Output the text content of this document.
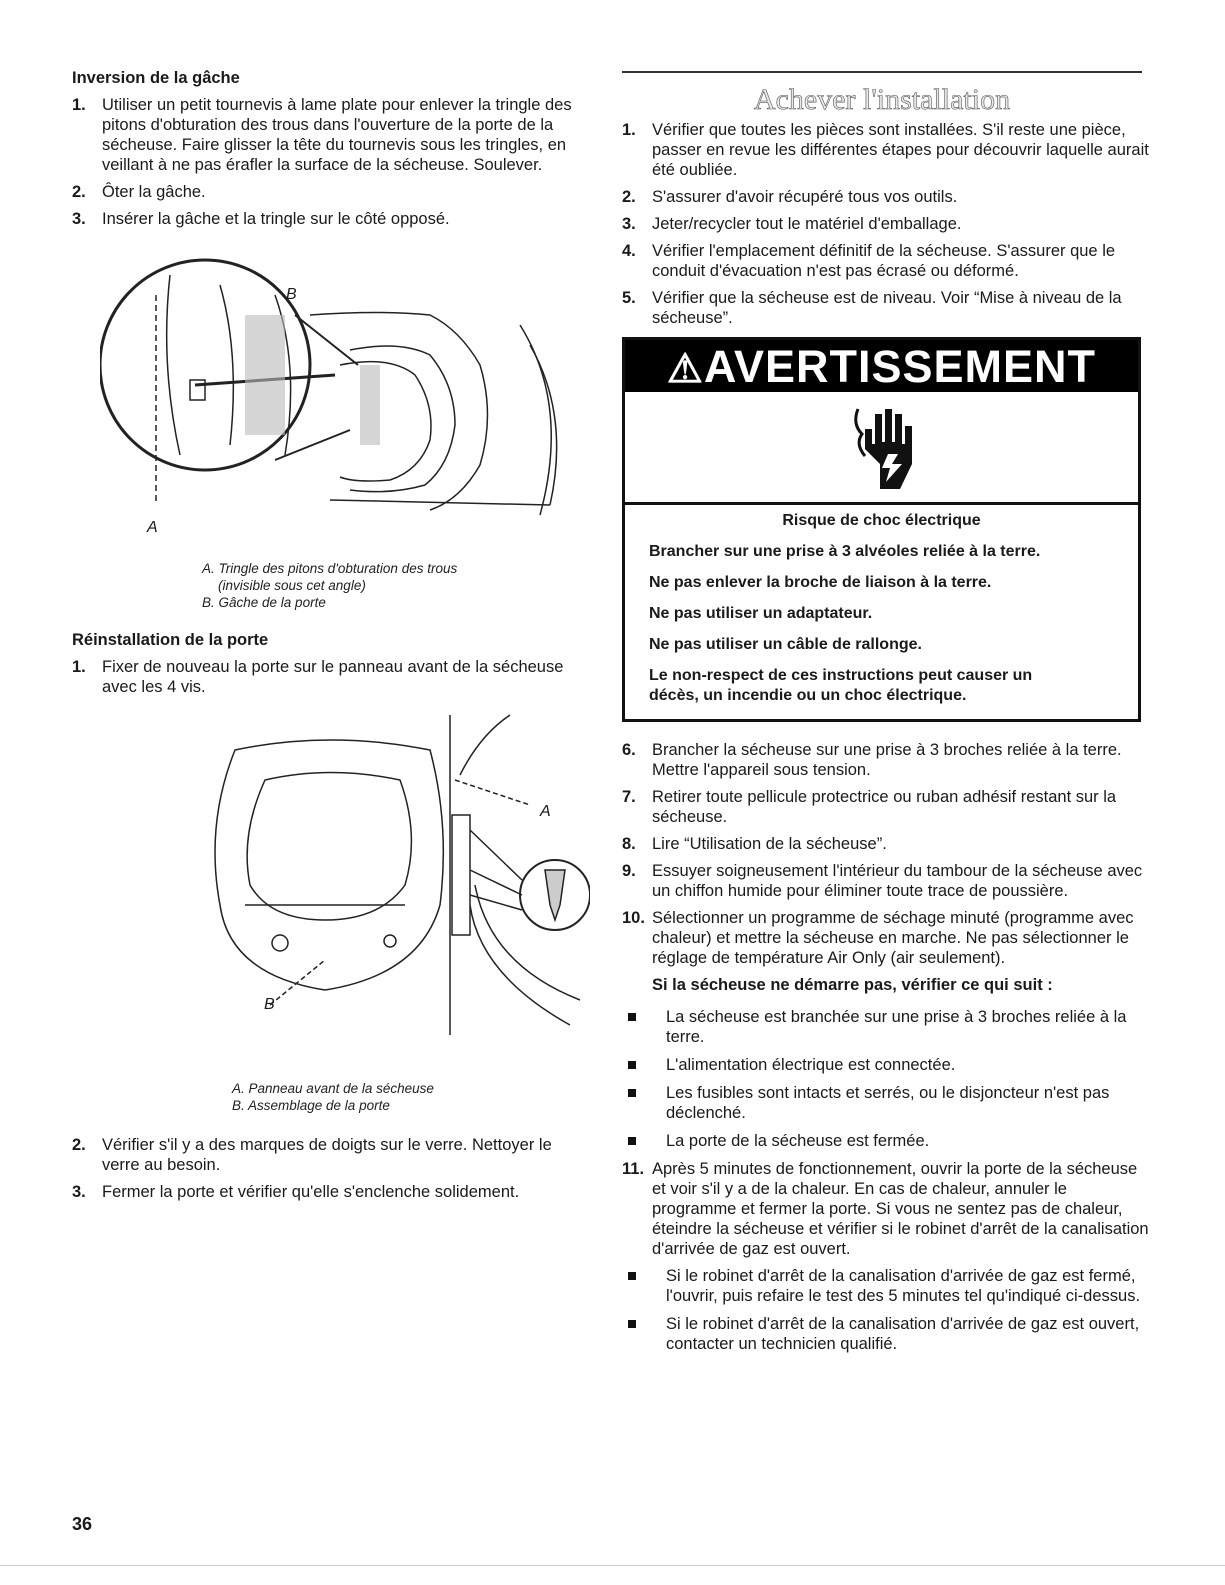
Inversion de la gâche
1. Utiliser un petit tournevis à lame plate pour enlever la tringle des pitons d'obturation des trous dans l'ouverture de la porte de la sécheuse. Faire glisser la tête du tournevis sous les tringles, en veillant à ne pas érafler la surface de la sécheuse. Soulever.
2. Ôter la gâche.
3. Insérer la gâche et la tringle sur le côté opposé.
B
A
A. Tringle des pitons d'obturation des trous
(invisible sous cet angle)
B. Gâche de la porte
Réinstallation de la porte
1. Fixer de nouveau la porte sur le panneau avant de la sécheuse avec les 4 vis.
A
B
A. Panneau avant de la sécheuse
B. Assemblage de la porte
2. Vérifier s'il y a des marques de doigts sur le verre. Nettoyer le verre au besoin.
3. Fermer la porte et vérifier qu'elle s'enclenche solidement.
Achever l'installation
1. Vérifier que toutes les pièces sont installées. S'il reste une pièce, passer en revue les différentes étapes pour découvrir laquelle aurait été oubliée.
2. S'assurer d'avoir récupéré tous vos outils.
3. Jeter/recycler tout le matériel d'emballage.
4. Vérifier l'emplacement définitif de la sécheuse. S'assurer que le conduit d'évacuation n'est pas écrasé ou déformé.
5. Vérifier que la sécheuse est de niveau. Voir “Mise à niveau de la sécheuse”.
⚠AVERTISSEMENT

Risque de choc électrique

Brancher sur une prise à 3 alvéoles reliée à la terre.

Ne pas enlever la broche de liaison à la terre.

Ne pas utiliser un adaptateur.

Ne pas utiliser un câble de rallonge.

Le non-respect de ces instructions peut causer un décès, un incendie ou un choc électrique.

6. Brancher la sécheuse sur une prise à 3 broches reliée à la terre. Mettre l'appareil sous tension.
7. Retirer toute pellicule protectrice ou ruban adhésif restant sur la sécheuse.
8. Lire “Utilisation de la sécheuse”.
9. Essuyer soigneusement l'intérieur du tambour de la sécheuse avec un chiffon humide pour éliminer toute trace de poussière.
10. Sélectionner un programme de séchage minuté (programme avec chaleur) et mettre la sécheuse en marche. Ne pas sélectionner le réglage de température Air Only (air seulement).
Si la sécheuse ne démarre pas, vérifier ce qui suit :
La sécheuse est branchée sur une prise à 3 broches reliée à la terre.
L'alimentation électrique est connectée.
Les fusibles sont intacts et serrés, ou le disjoncteur n'est pas déclenché.
La porte de la sécheuse est fermée.
11. Après 5 minutes de fonctionnement, ouvrir la porte de la sécheuse et voir s'il y a de la chaleur. En cas de chaleur, annuler le programme et fermer la porte. Si vous ne sentez pas de chaleur, éteindre la sécheuse et vérifier si le robinet d'arrêt de la canalisation d'arrivée de gaz est ouvert.
Si le robinet d'arrêt de la canalisation d'arrivée de gaz est fermé, l'ouvrir, puis refaire le test des 5 minutes tel qu'indiqué ci-dessus.
Si le robinet d'arrêt de la canalisation d'arrivée de gaz est ouvert, contacter un technicien qualifié.
36
